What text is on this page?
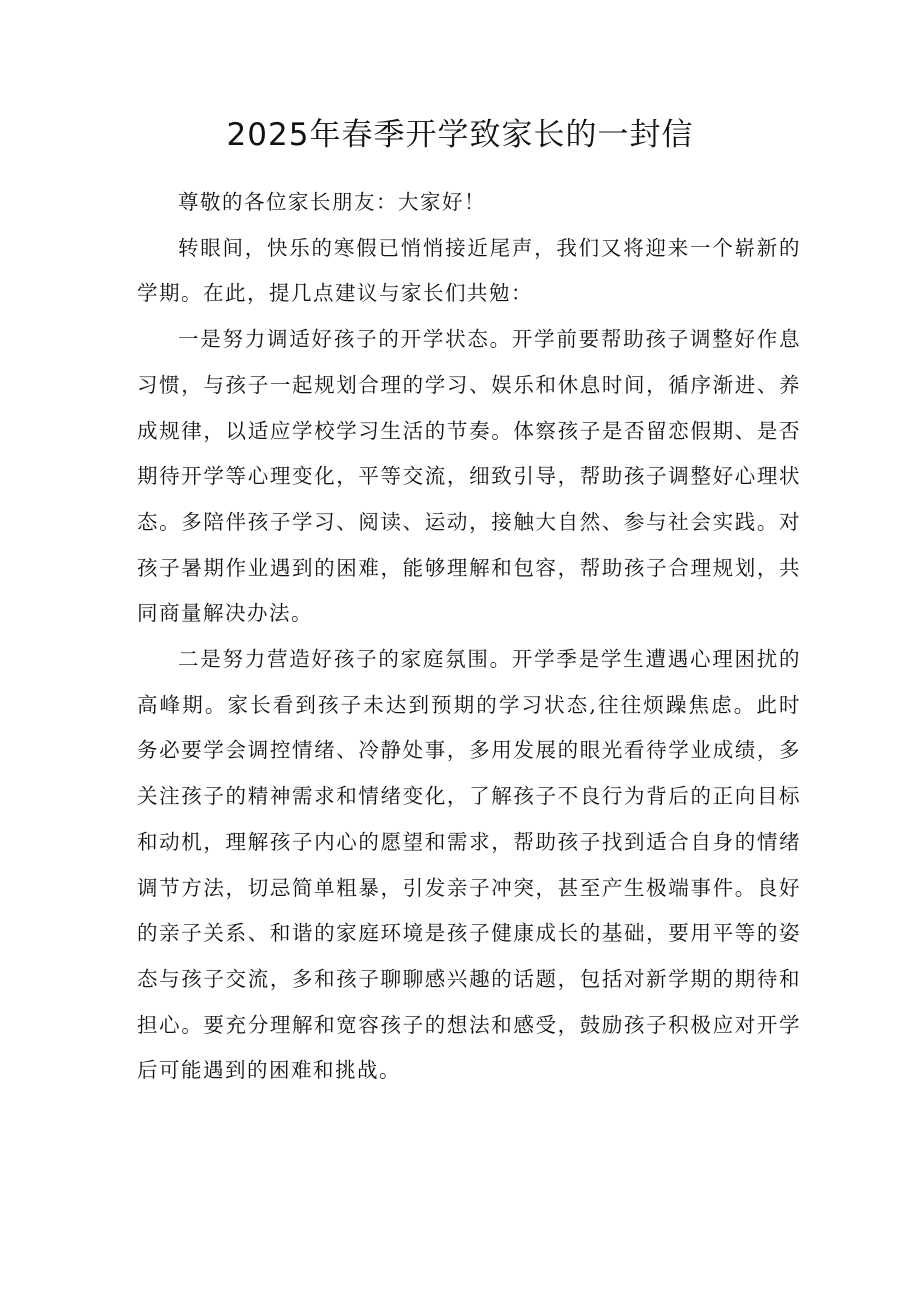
2025年春季开学致家长的一封信

尊敬的各位家长朋友：大家好！

转眼间，快乐的寒假已悄悄接近尾声，我们又将迎来一个崭新的学期。在此，提几点建议与家长们共勉：

一是努力调适好孩子的开学状态。开学前要帮助孩子调整好作息习惯，与孩子一起规划合理的学习、娱乐和休息时间，循序渐进、养成规律，以适应学校学习生活的节奏。体察孩子是否留恋假期、是否期待开学等心理变化，平等交流，细致引导，帮助孩子调整好心理状态。多陪伴孩子学习、阅读、运动，接触大自然、参与社会实践。对孩子暑期作业遇到的困难，能够理解和包容，帮助孩子合理规划，共同商量解决办法。

二是努力营造好孩子的家庭氛围。开学季是学生遭遇心理困扰的高峰期。家长看到孩子未达到预期的学习状态,往往烦躁焦虑。此时务必要学会调控情绪、冷静处事，多用发展的眼光看待学业成绩，多关注孩子的精神需求和情绪变化，了解孩子不良行为背后的正向目标和动机，理解孩子内心的愿望和需求，帮助孩子找到适合自身的情绪调节方法，切忌简单粗暴，引发亲子冲突，甚至产生极端事件。良好的亲子关系、和谐的家庭环境是孩子健康成长的基础，要用平等的姿态与孩子交流，多和孩子聊聊感兴趣的话题，包括对新学期的期待和担心。要充分理解和宽容孩子的想法和感受，鼓励孩子积极应对开学后可能遇到的困难和挑战。
